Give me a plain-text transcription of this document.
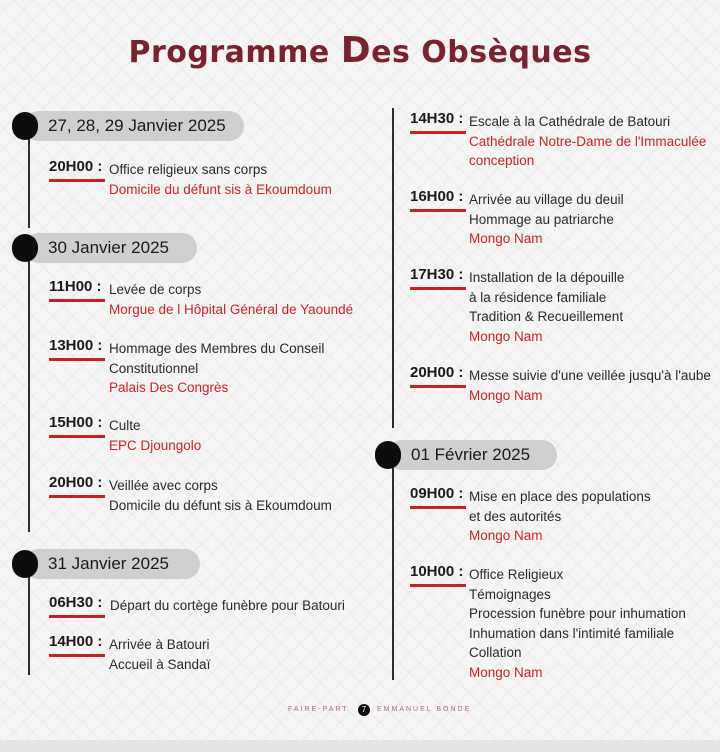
Programme Des Obsèques
27, 28, 29 Janvier 2025
30 Janvier 2025
31 Janvier 2025
20H00 : Office religieux sans corps
Domicile du défunt sis à Ekoumdoum
11H00 : Levée de corps
Morgue de l Hôpital Général de Yaoundé
13H00 : Hommage des Membres du Conseil
Constitutionnel
Palais Des Congrès
15H00 : Culte
EPC Djoungolo
20H00 : Veillée avec corps
Domicile du défunt sis à Ekoumdoum
06H30 : Départ du cortège funèbre pour Batouri
14H00 : Arrivée à Batouri
Accueil à Sandaï
14H30 : Escale à la Cathédrale de Batouri
Cathédrale Notre-Dame de l'Immaculée
conception
16H00 : Arrivée au village du deuil
Hommage au patriarche
Mongo Nam
17H30 : Installation de la dépouille
à la résidence familiale
Tradition & Recueillement
Mongo Nam
20H00 : Messe suivie d'une veillée jusqu'à l'aube
Mongo Nam
01 Février 2025
09H00 : Mise en place des populations
et des autorités
Mongo Nam
10H00 : Office Religieux
Témoignages
Procession funèbre pour inhumation
Inhumation dans l'intimité familiale
Collation
Mongo Nam
FAIRE-PART	7	EMMANUEL BONDE
